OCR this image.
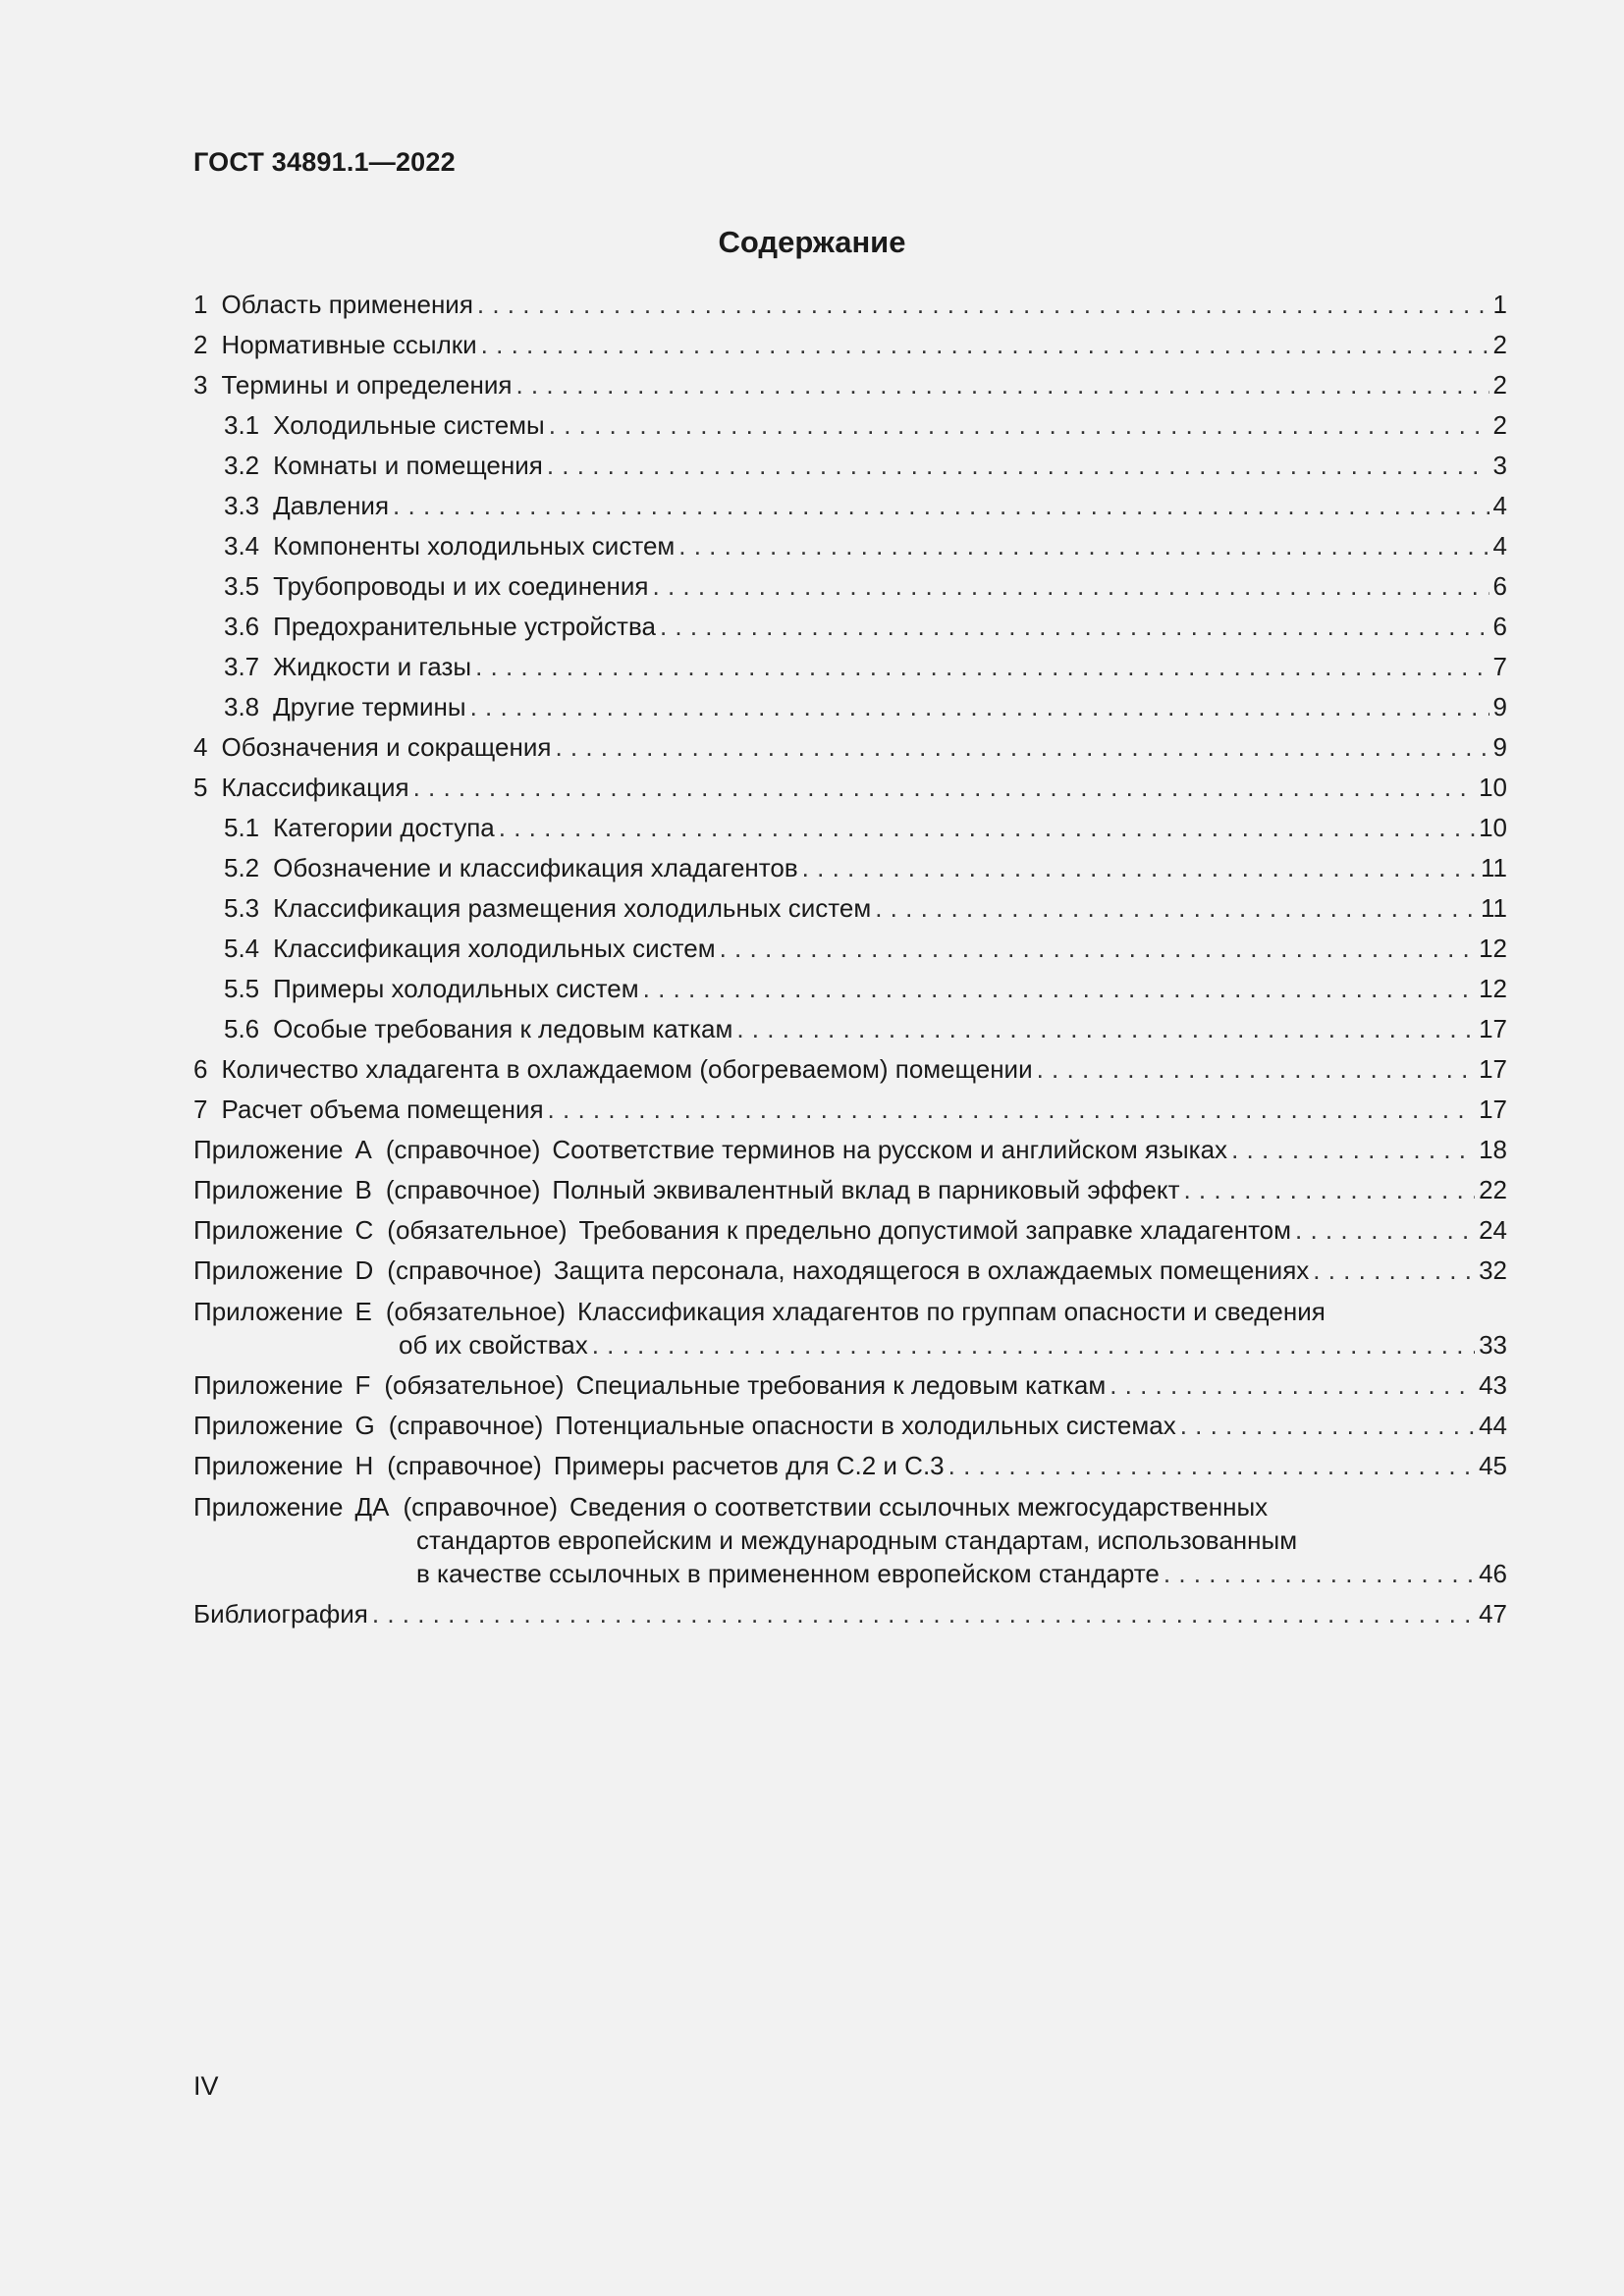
ГОСТ 34891.1—2022
Содержание
1 Область применения . . .	1
2 Нормативные ссылки . . .	2
3 Термины и определения . . .	2
3.1 Холодильные системы . . .	2
3.2 Комнаты и помещения . . .	3
3.3 Давления . . .	4
3.4 Компоненты холодильных систем . . .	4
3.5 Трубопроводы и их соединения . . .	6
3.6 Предохранительные устройства . . .	6
3.7 Жидкости и газы . . .	7
3.8 Другие термины . . .	9
4 Обозначения и сокращения . . .	9
5 Классификация . . .	10
5.1 Категории доступа . . .	10
5.2 Обозначение и классификация хладагентов . . .	11
5.3 Классификация размещения холодильных систем . . .	11
5.4 Классификация холодильных систем . . .	12
5.5 Примеры холодильных систем . . .	12
5.6 Особые требования к ледовым каткам . . .	17
6 Количество хладагента в охлаждаемом (обогреваемом) помещении . . .	17
7 Расчет объема помещения . . .	17
Приложение A (справочное) Соответствие терминов на русском и английском языках . . .	18
Приложение B (справочное) Полный эквивалентный вклад в парниковый эффект . . .	22
Приложение C (обязательное) Требования к предельно допустимой заправке хладагентом . . .	24
Приложение D (справочное) Защита персонала, находящегося в охлаждаемых помещениях . . .	32
Приложение E (обязательное) Классификация хладагентов по группам опасности и сведения
об их свойствах . . .	33
Приложение F (обязательное) Специальные требования к ледовым каткам . . .	43
Приложение G (справочное) Потенциальные опасности в холодильных системах . . .	44
Приложение H (справочное) Примеры расчетов для С.2 и С.3 . . .	45
Приложение ДА (справочное) Сведения о соответствии ссылочных межгосударственных
стандартов европейским и международным стандартам, использованным
в качестве ссылочных в примененном европейском стандарте . . .	46
Библиография . . .	47
IV
